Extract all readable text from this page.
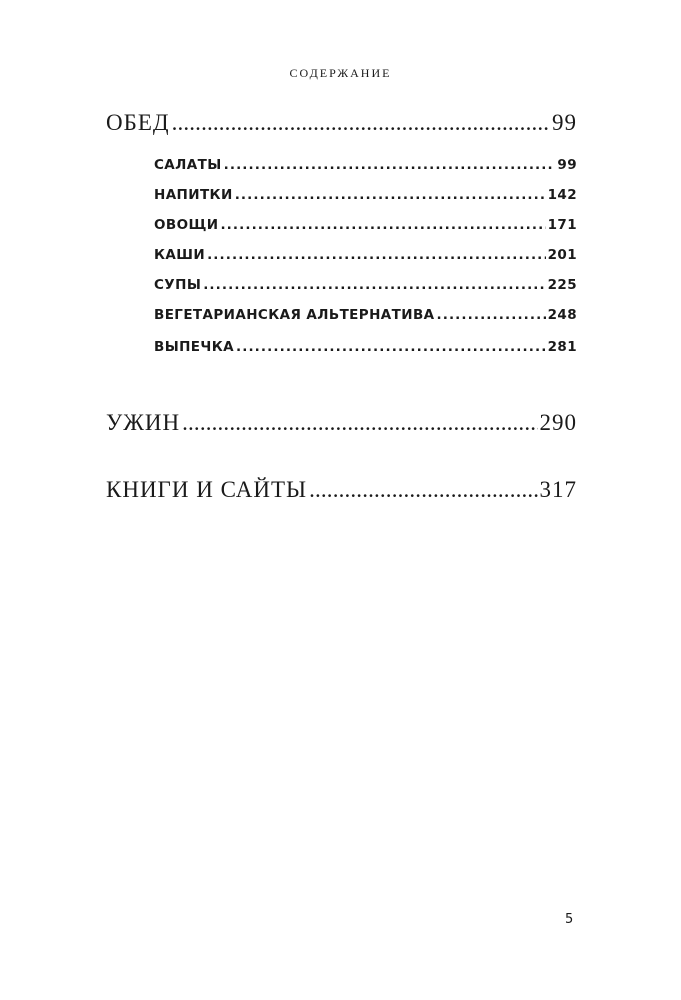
СОДЕРЖАНИЕ
ОБЕД . . .	99
САЛАТЫ . . .	99
НАПИТКИ . . .	142
ОВОЩИ . . .	171
КАШИ . . .	201
СУПЫ . . .	225
ВЕГЕТАРИАНСКАЯ АЛЬТЕРНАТИВА . . .	248
ВЫПЕЧКА . . .	281
УЖИН . . .	290
КНИГИ И САЙТЫ . . .	317
5
